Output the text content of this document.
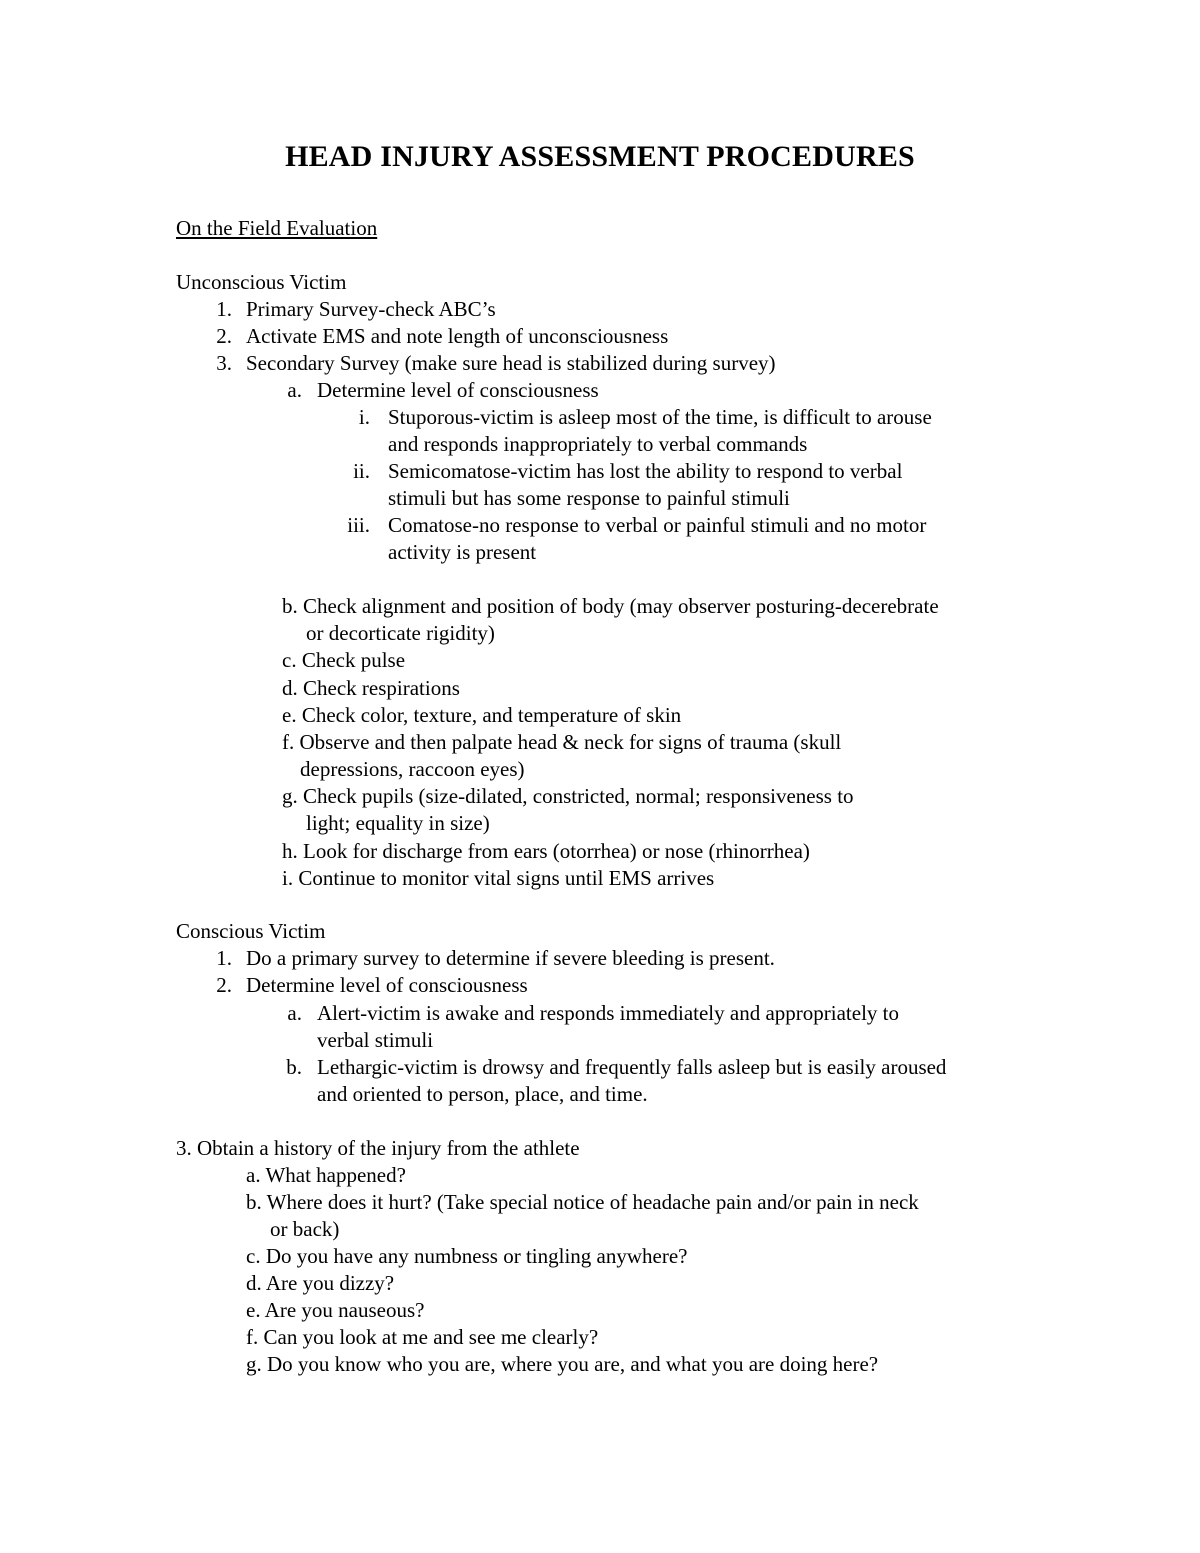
HEAD INJURY ASSESSMENT PROCEDURES
On the Field Evaluation
Unconscious Victim
1. Primary Survey-check ABC’s
2. Activate EMS and note length of unconsciousness
3. Secondary Survey (make sure head is stabilized during survey)
a. Determine level of consciousness
i. Stuporous-victim is asleep most of the time, is difficult to arouse
and responds inappropriately to verbal commands
ii. Semicomatose-victim has lost the ability to respond to verbal
stimuli but has some response to painful stimuli
iii. Comatose-no response to verbal or painful stimuli and no motor
activity is present
b. Check alignment and position of body (may observer posturing-decerebrate
or decorticate rigidity)
c. Check pulse
d. Check respirations
e. Check color, texture, and temperature of skin
f. Observe and then palpate head & neck for signs of trauma (skull
depressions, raccoon eyes)
g. Check pupils (size-dilated, constricted, normal; responsiveness to
light; equality in size)
h. Look for discharge from ears (otorrhea) or nose (rhinorrhea)
i. Continue to monitor vital signs until EMS arrives
Conscious Victim
1. Do a primary survey to determine if severe bleeding is present.
2. Determine level of consciousness
a. Alert-victim is awake and responds immediately and appropriately to
verbal stimuli
b. Lethargic-victim is drowsy and frequently falls asleep but is easily aroused
and oriented to person, place, and time.
3. Obtain a history of the injury from the athlete
a. What happened?
b. Where does it hurt? (Take special notice of headache pain and/or pain in neck
or back)
c. Do you have any numbness or tingling anywhere?
d. Are you dizzy?
e. Are you nauseous?
f. Can you look at me and see me clearly?
g. Do you know who you are, where you are, and what you are doing here?
